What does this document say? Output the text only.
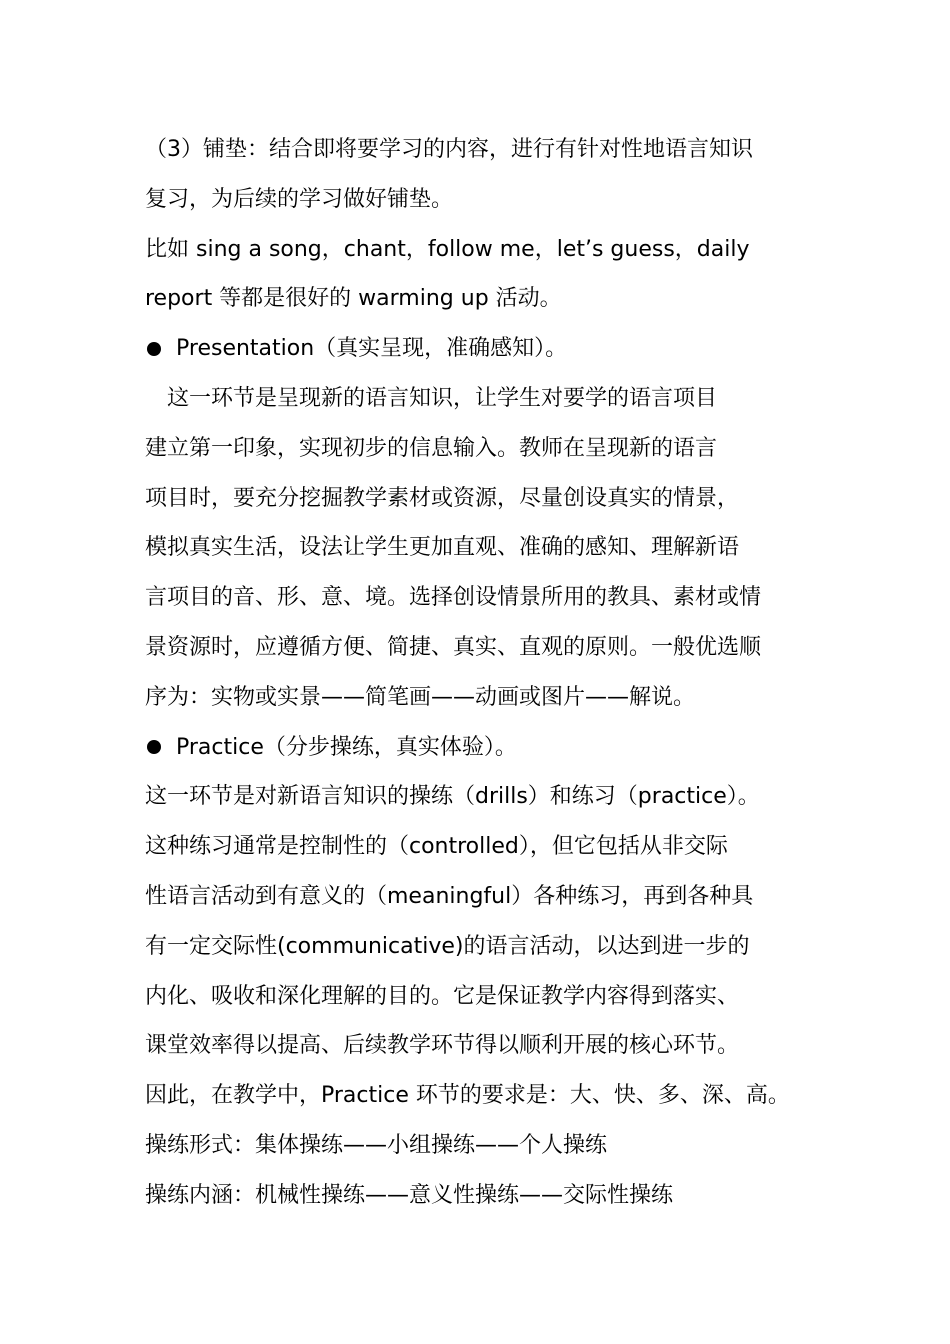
（3）铺垫：结合即将要学习的内容，进行有针对性地语言知识
复习，为后续的学习做好铺垫。
比如 sing a song，chant，follow me，let’s guess，daily
report 等都是很好的 warming up 活动。
Presentation（真实呈现，准确感知）。
这一环节是呈现新的语言知识，让学生对要学的语言项目
建立第一印象，实现初步的信息输入。教师在呈现新的语言
项目时，要充分挖掘教学素材或资源，尽量创设真实的情景，
模拟真实生活，设法让学生更加直观、准确的感知、理解新语
言项目的音、形、意、境。选择创设情景所用的教具、素材或情
景资源时，应遵循方便、简捷、真实、直观的原则。一般优选顺
序为：实物或实景——简笔画——动画或图片——解说。
Practice（分步操练，真实体验）。
这一环节是对新语言知识的操练（drills）和练习（practice）。
这种练习通常是控制性的（controlled），但它包括从非交际
性语言活动到有意义的（meaningful）各种练习，再到各种具
有一定交际性(communicative)的语言活动，以达到进一步的
内化、吸收和深化理解的目的。它是保证教学内容得到落实、
课堂效率得以提高、后续教学环节得以顺利开展的核心环节。
因此，在教学中，Practice 环节的要求是：大、快、多、深、高。
操练形式：集体操练——小组操练——个人操练
操练内涵：机械性操练——意义性操练——交际性操练
